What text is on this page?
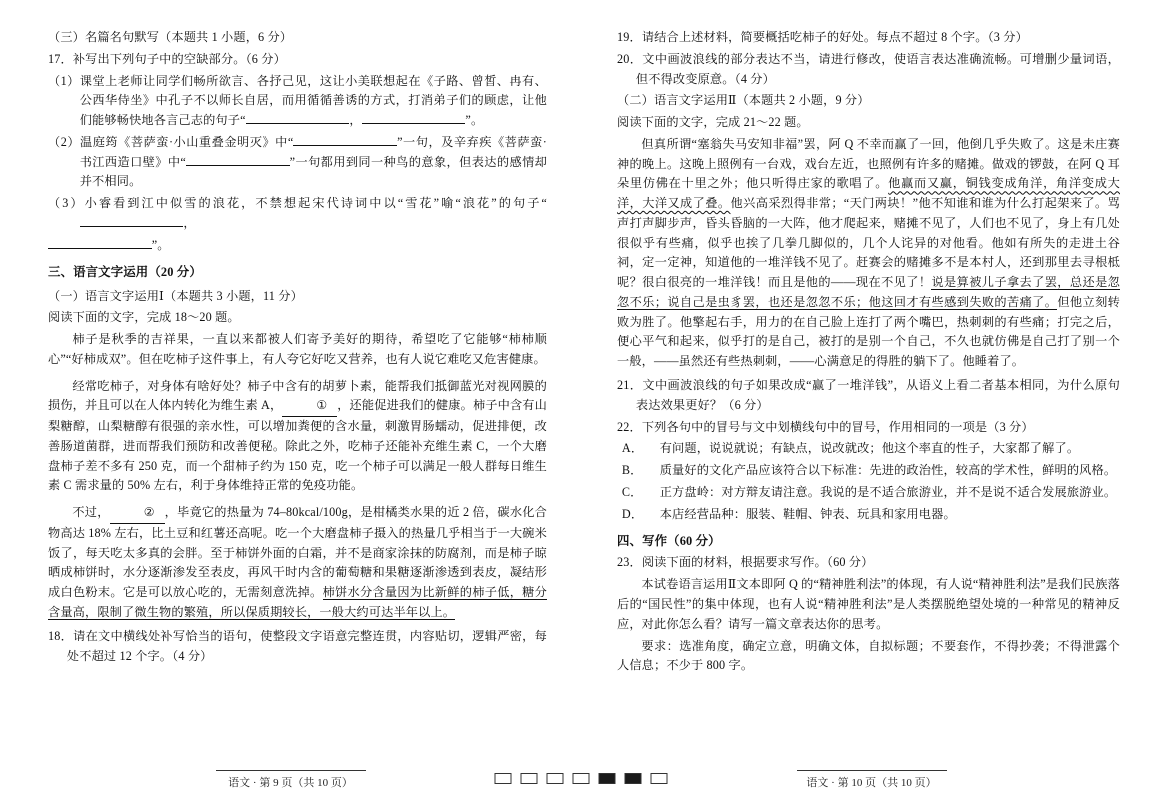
（三）名篇名句默写（本题共 1 小题，6 分）

17．补写出下列句子中的空缺部分。（6 分）

（1）课堂上老师让同学们畅所欲言、各抒己见，这让小美联想起在《子路、曾皙、冉有、公西华侍坐》中孔子不以师长自居，而用循循善诱的方式，打消弟子们的顾虑，让他们能够畅快地各言己志的句子“	，	”。

（2）温庭筠《菩萨蛮·小山重叠金明灭》中“	”一句，及辛弃疾《菩萨蛮·书江西造口壁》中“	”一句都用到同一种鸟的意象，但表达的感情却并不相同。

（3）小睿看到江中似雪的浪花，不禁想起宋代诗词中以“雪花”喻“浪花”的句子“，

”。

三、语言文字运用（20 分）

（一）语言文字运用Ⅰ（本题共 3 小题，11 分）

阅读下面的文字，完成 18～20 题。

柿子是秋季的吉祥果，一直以来都被人们寄予美好的期待，希望吃了它能够“柿柿顺心”“好柿成双”。但在吃柿子这件事上，有人夸它好吃又营养，也有人说它难吃又危害健康。

经常吃柿子，对身体有啥好处？柿子中含有的胡萝卜素，能帮我们抵御蓝光对视网膜的损伤，并且可以在人体内转化为维生素 A，	① ，还能促进我们的健康。柿子中含有山梨糖醇，山梨糖醇有很强的亲水性，可以增加粪便的含水量，刺激胃肠蠕动，促进排便，改善肠道菌群，进而帮我们预防和改善便秘。除此之外，吃柿子还能补充维生素 C，一个大磨盘柿子差不多有 250 克，而一个甜柿子约为 150 克，吃一个柿子可以满足一般人群每日维生素 C 需求量的 50% 左右，利于身体维持正常的免疫功能。

不过，	② ，毕竟它的热量为 74–80kcal/100g，是柑橘类水果的近 2 倍，碳水化合物高达 18% 左右，比土豆和红薯还高呢。吃一个大磨盘柿子摄入的热量几乎相当于一大碗米饭了，每天吃太多真的会胖。至于柿饼外面的白霜，并不是商家涂抹的防腐剂，而是柿子晾晒成柿饼时，水分逐渐渗发至表皮，再风干时内含的葡萄糖和果糖逐渐渗透到表皮，凝结形成白色粉末。它是可以放心吃的，无需刻意洗掉。柿饼水分含量因为比新鲜的柿子低，糖分含量高，限制了微生物的繁殖，所以保质期较长，一般大约可达半年以上。

18．请在文中横线处补写恰当的语句，使整段文字语意完整连贯，内容贴切，逻辑严密，每处不超过 12 个字。（4 分）

语文 · 第 9 页（共 10 页）

19．请结合上述材料，简要概括吃柿子的好处。每点不超过 8 个字。（3 分）

20．文中画波浪线的部分表达不当，请进行修改，使语言表达准确流畅。可增删少量词语，但不得改变原意。（4 分）

（二）语言文字运用Ⅱ（本题共 2 小题，9 分）

阅读下面的文字，完成 21～22 题。

但真所谓“塞翁失马安知非福”罢，阿 Q 不幸而赢了一回，他倒几乎失败了。这是未庄赛神的晚上。这晚上照例有一台戏，戏台左近，也照例有许多的赌摊。做戏的锣鼓，在阿 Q 耳朵里仿佛在十里之外；他只听得庄家的歌唱了。他赢而又赢，铜钱变成角洋，角洋变成大洋，大洋又成了叠。他兴高采烈得非常；“天门两块！”他不知谁和谁为什么打起架来了。骂声打声脚步声，昏头昏脑的一大阵，他才爬起来，赌摊不见了，人们也不见了，身上有几处很似乎有些痛，似乎也挨了几拳几脚似的，几个人诧异的对他看。他如有所失的走进土谷祠，定一定神，知道他的一堆洋钱不见了。赶赛会的赌摊多不是本村人，还到那里去寻根柢呢？很白很亮的一堆洋钱！而且是他的——现在不见了！说是算被儿子拿去了罢，总还是忽忽不乐；说自己是虫豸罢，也还是忽忽不乐；他这回才有些感到失败的苦痛了。但他立刻转败为胜了。他擎起右手，用力的在自己脸上连打了两个嘴巴，热刺刺的有些痛；打完之后，便心平气和起来，似乎打的是自己，被打的是别一个自己，不久也就仿佛是自己打了别一个一般，——虽然还有些热刺刺，——心满意足的得胜的躺下了。他睡着了。

21．文中画波浪线的句子如果改成“赢了一堆洋钱”，从语义上看二者基本相同，为什么原句表达效果更好？（6 分）

22．下列各句中的冒号与文中划横线句中的冒号，作用相同的一项是（3 分）

A． 有问题，说说就说；有缺点，说改就改；他这个率直的性子，大家都了解了。

B． 质量好的文化产品应该符合以下标准：先进的政治性，较高的学术性，鲜明的风格。

C． 正方盘岭：对方辩友请注意。我说的是不适合旅游业，并不是说不适合发展旅游业。

D． 本店经营品种：服装、鞋帽、钟表、玩具和家用电器。

四、写作（60 分）

23．阅读下面的材料，根据要求写作。（60 分）

本试卷语言运用Ⅱ文本即阿 Q 的“精神胜利法”的体现，有人说“精神胜利法”是我们民族落后的“国民性”的集中体现，也有人说“精神胜利法”是人类摆脱绝望处境的一种常见的精神反应，对此你怎么看？请写一篇文章表达你的思考。

要求：选准角度，确定立意，明确文体，自拟标题；不要套作，不得抄袭；不得泄露个人信息；不少于 800 字。

语文 · 第 10 页（共 10 页）
